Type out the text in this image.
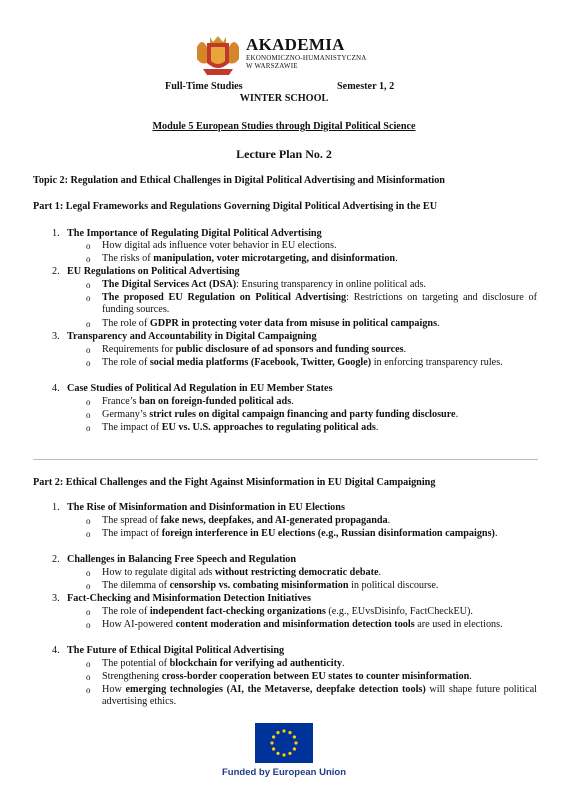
AKADEMIA
EKONOMICZNO-HUMANISTYCZNA
W WARSZAWIE
Full-Time Studies	Semester 1, 2
WINTER SCHOOL
Module 5 European Studies through Digital Political Science
Lecture Plan No. 2
Topic 2: Regulation and Ethical Challenges in Digital Political Advertising and Misinformation
Part 1: Legal Frameworks and Regulations Governing Digital Political Advertising in the EU
1. The Importance of Regulating Digital Political Advertising
o How digital ads influence voter behavior in EU elections.
o The risks of manipulation, voter microtargeting, and disinformation.
2. EU Regulations on Political Advertising
o The Digital Services Act (DSA): Ensuring transparency in online political ads.
o The proposed EU Regulation on Political Advertising: Restrictions on targeting and disclosure of funding sources.
o The role of GDPR in protecting voter data from misuse in political campaigns.
3. Transparency and Accountability in Digital Campaigning
o Requirements for public disclosure of ad sponsors and funding sources.
o The role of social media platforms (Facebook, Twitter, Google) in enforcing transparency rules.
4. Case Studies of Political Ad Regulation in EU Member States
o France’s ban on foreign-funded political ads.
o Germany’s strict rules on digital campaign financing and party funding disclosure.
o The impact of EU vs. U.S. approaches to regulating political ads.
Part 2: Ethical Challenges and the Fight Against Misinformation in EU Digital Campaigning
1. The Rise of Misinformation and Disinformation in EU Elections
o The spread of fake news, deepfakes, and AI-generated propaganda.
o The impact of foreign interference in EU elections (e.g., Russian disinformation campaigns).
2. Challenges in Balancing Free Speech and Regulation
o How to regulate digital ads without restricting democratic debate.
o The dilemma of censorship vs. combating misinformation in political discourse.
3. Fact-Checking and Misinformation Detection Initiatives
o The role of independent fact-checking organizations (e.g., EUvsDisinfo, FactCheckEU).
o How AI-powered content moderation and misinformation detection tools are used in elections.
4. The Future of Ethical Digital Political Advertising
o The potential of blockchain for verifying ad authenticity.
o Strengthening cross-border cooperation between EU states to counter misinformation.
o How emerging technologies (AI, the Metaverse, deepfake detection tools) will shape future political advertising ethics.
Funded by European Union
